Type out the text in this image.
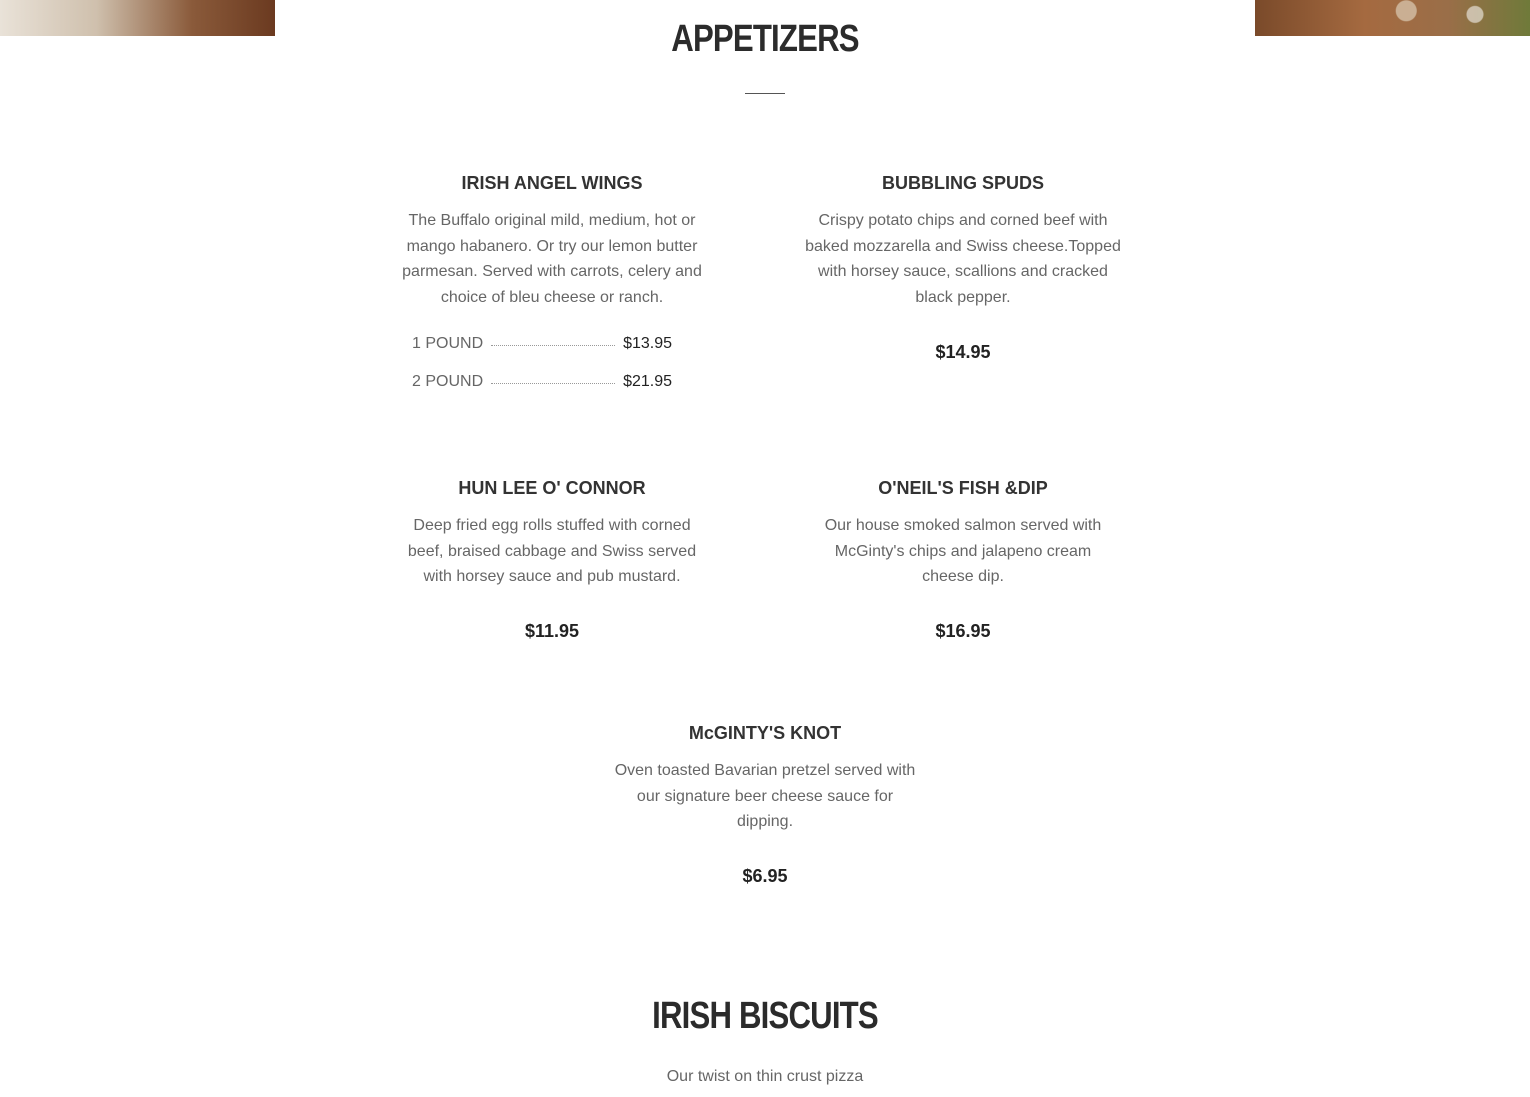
APPETIZERS
IRISH ANGEL WINGS

The Buffalo original mild, medium, hot or mango habanero. Or try our lemon butter parmesan. Served with carrots, celery and choice of bleu cheese or ranch.

1 POUND	$13.95
2 POUND	$21.95
BUBBLING SPUDS

Crispy potato chips and corned beef with baked mozzarella and Swiss cheese.Topped with horsey sauce, scallions and cracked black pepper.

$14.95
HUN LEE O' CONNOR

Deep fried egg rolls stuffed with corned beef, braised cabbage and Swiss served with horsey sauce and pub mustard.

$11.95
O'NEIL'S FISH &DIP

Our house smoked salmon served with McGinty's chips and jalapeno cream cheese dip.

$16.95
McGINTY'S KNOT

Oven toasted Bavarian pretzel served with our signature beer cheese sauce for dipping.

$6.95
IRISH BISCUITS
Our twist on thin crust pizza
